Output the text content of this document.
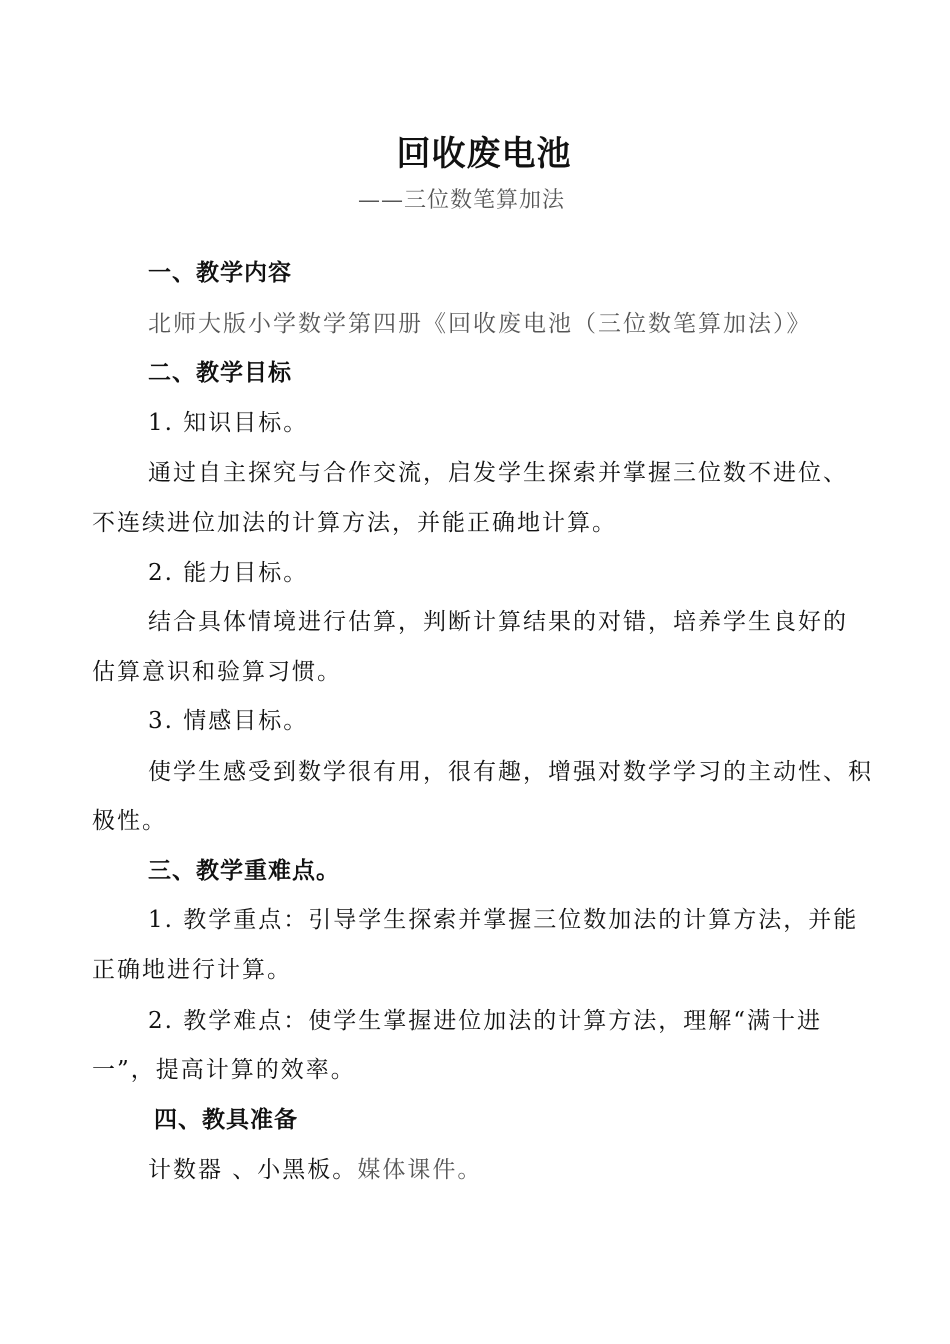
回收废电池
——三位数笔算加法
一、教学内容
北师大版小学数学第四册《回收废电池（三位数笔算加法）》
二、教学目标
1. 知识目标。
通过自主探究与合作交流，启发学生探索并掌握三位数不进位、
不连续进位加法的计算方法，并能正确地计算。
2. 能力目标。
结合具体情境进行估算，判断计算结果的对错，培养学生良好的
估算意识和验算习惯。
3. 情感目标。
使学生感受到数学很有用，很有趣，增强对数学学习的主动性、积
极性。
三、教学重难点。
1. 教学重点：引导学生探索并掌握三位数加法的计算方法，并能
正确地进行计算。
2. 教学难点：使学生掌握进位加法的计算方法，理解“满十进
一”，提高计算的效率。
四、教具准备
计数器 、小黑板。媒体课件。
